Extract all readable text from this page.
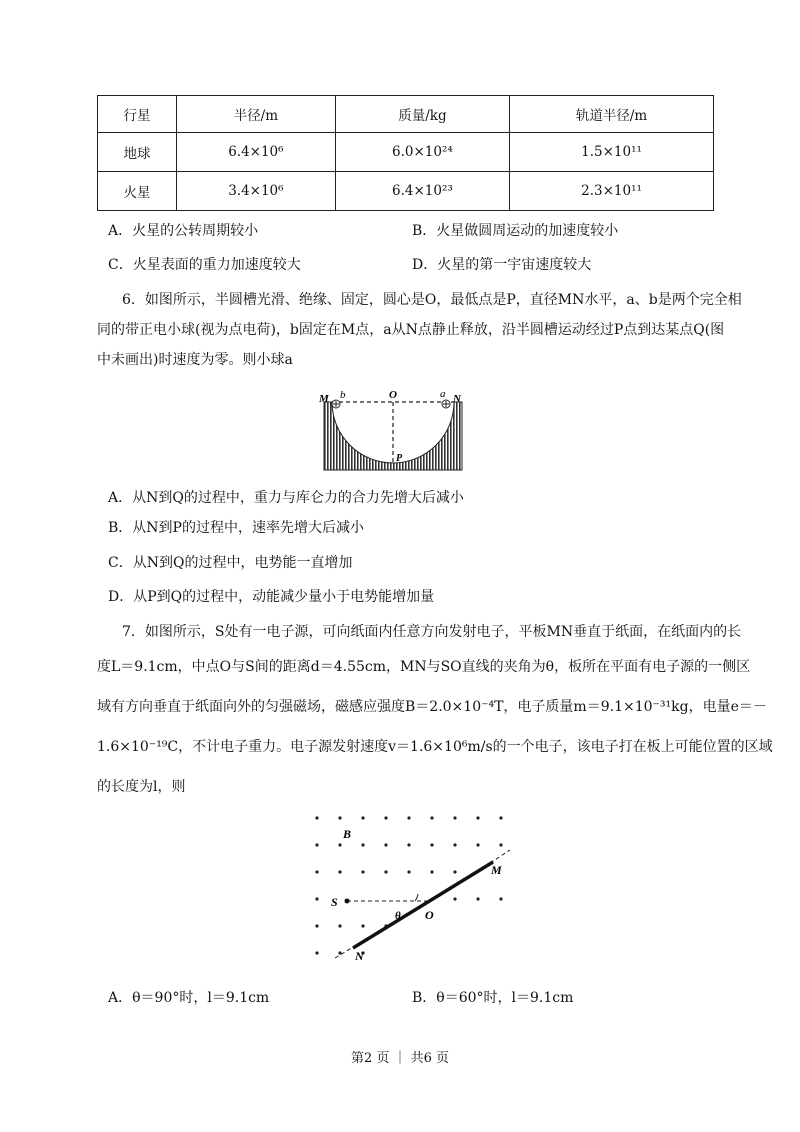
行星	半径/m	质量/kg	轨道半径/m
地球	6.4×10⁶	6.0×10²⁴	1.5×10¹¹
火星	3.4×10⁶	6.4×10²³	2.3×10¹¹
A．火星的公转周期较小	B．火星做圆周运动的加速度较小
C．火星表面的重力加速度较大	D．火星的第一宇宙速度较大
6．如图所示，半圆槽光滑、绝缘、固定，圆心是O，最低点是P，直径MN水平，a、b是两个完全相
同的带正电小球(视为点电荷)，b固定在M点，a从N点静止释放，沿半圆槽运动经过P点到达某点Q(图
中未画出)时速度为零。则小球a
M b	O	a N
P
A．从N到Q的过程中，重力与库仑力的合力先增大后减小
B．从N到P的过程中，速率先增大后减小
C．从N到Q的过程中，电势能一直增加
D．从P到Q的过程中，动能减少量小于电势能增加量
7．如图所示，S处有一电子源，可向纸面内任意方向发射电子，平板MN垂直于纸面，在纸面内的长
度L＝9.1cm，中点O与S间的距离d＝4.55cm，MN与SO直线的夹角为θ，板所在平面有电子源的一侧区
域有方向垂直于纸面向外的匀强磁场，磁感应强度B＝2.0×10⁻⁴T，电子质量m＝9.1×10⁻³¹kg，电量e＝－
1.6×10⁻¹⁹C，不计电子重力。电子源发射速度v＝1.6×10⁶m/s的一个电子，该电子打在板上可能位置的区域
的长度为l，则
B
M
S
θ O
N
A．θ＝90°时，l＝9.1cm	B．θ＝60°时，l＝9.1cm
第2 页 ｜ 共6 页
